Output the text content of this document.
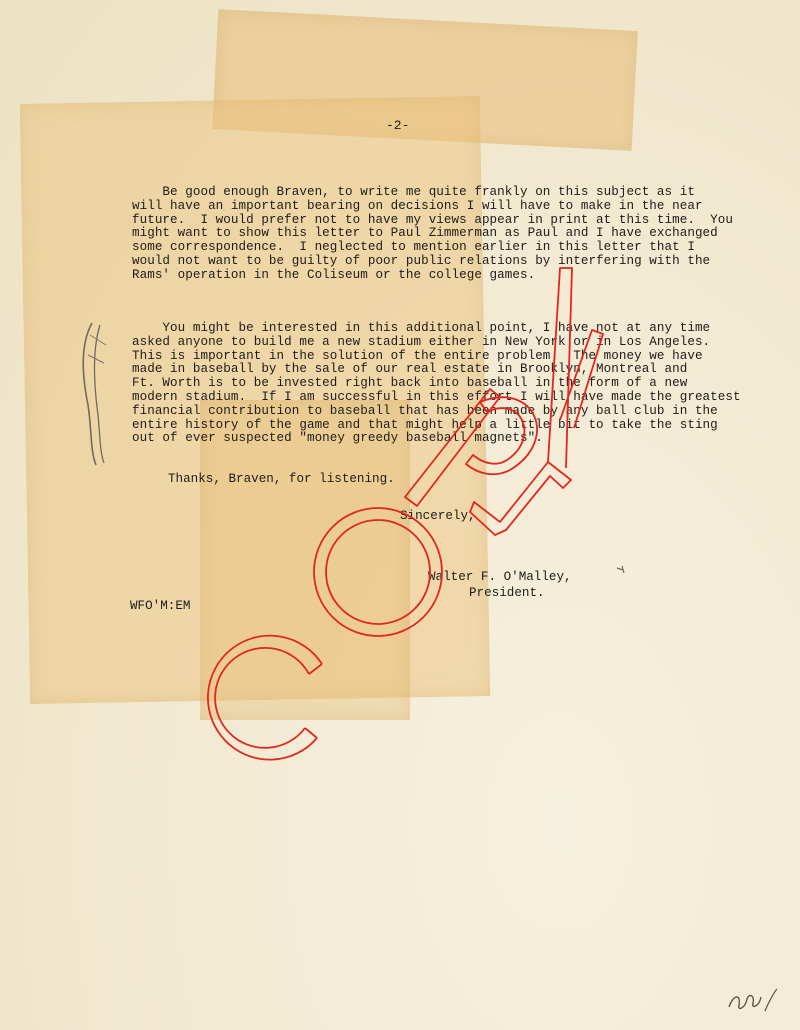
-2-

Be good enough Braven, to write me quite frankly on this subject as it
will have an important bearing on decisions I will have to make in the near
future.  I would prefer not to have my views appear in print at this time.  You
might want to show this letter to Paul Zimmerman as Paul and I have exchanged
some correspondence.  I neglected to mention earlier in this letter that I
would not want to be guilty of poor public relations by interfering with the
Rams' operation in the Coliseum or the college games.

You might be interested in this additional point, I have not at any time
asked anyone to build me a new stadium either in New York or in Los Angeles.
This is important in the solution of the entire problem.  The money we have
made in baseball by the sale of our real estate in Brooklyn, Montreal and
Ft. Worth is to be invested right back into baseball in the form of a new
modern stadium.  If I am successful in this effort I will have made the greatest
financial contribution to baseball that has been made by any ball club in the
entire history of the game and that might help a little bit to take the sting
out of ever suspected "money greedy baseball magnets".

Thanks, Braven, for listening.
Sincerely,
Walter F. O'Malley,
President.
WFO'M:EM
